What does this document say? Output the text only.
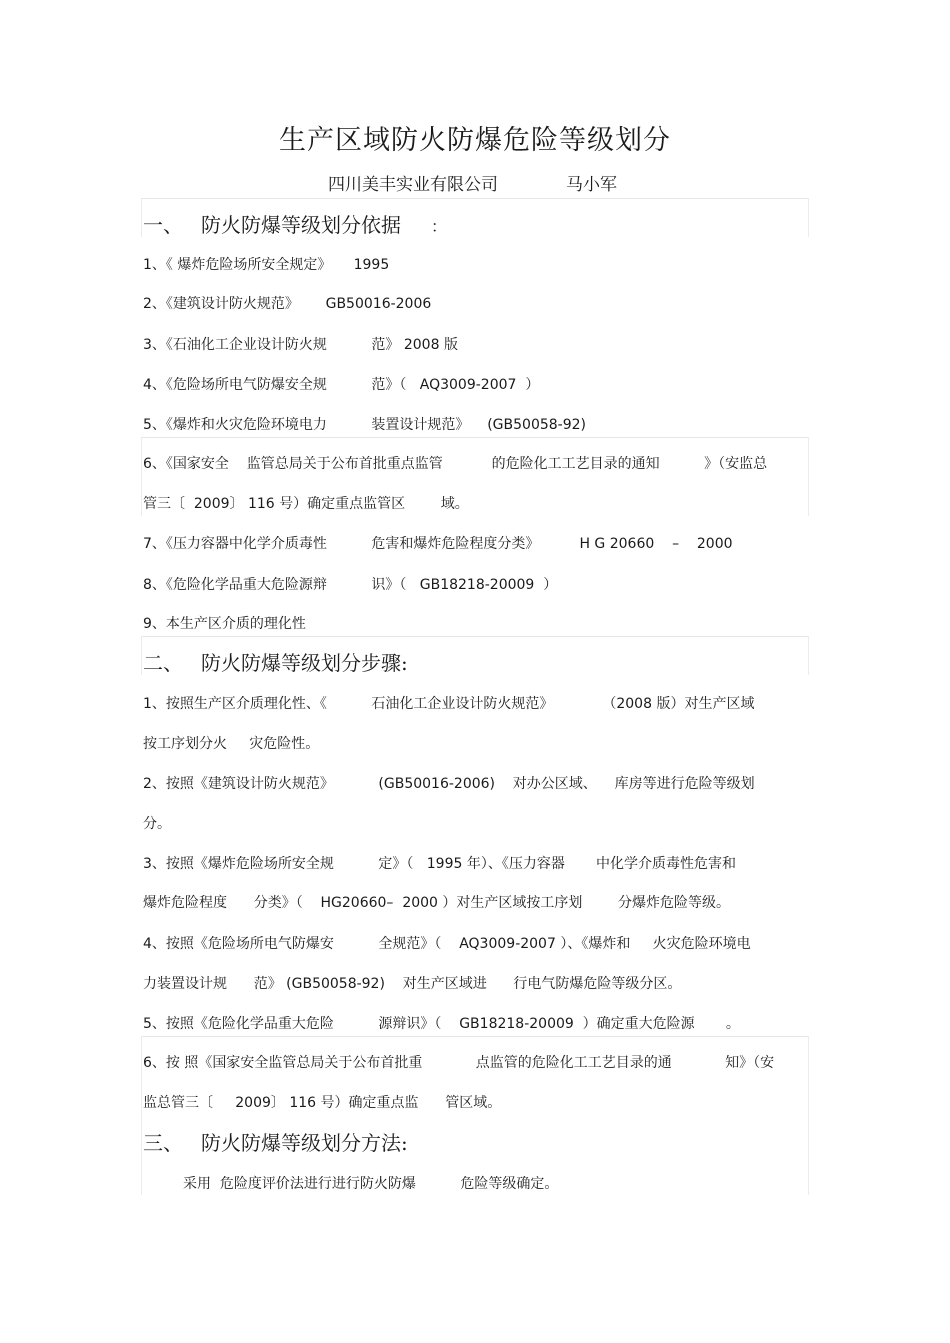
生产区域防火防爆危险等级划分
四川美丰实业有限公司	马小军
一、 防火防爆等级划分依据 ：
1、《 爆炸危险场所安全规定》     1995
2、《建筑设计防火规范》      GB50016-2006
3、《石油化工企业设计防火规          范》 2008 版
4、《危险场所电气防爆安全规          范》（   AQ3009-2007  ）
5、《爆炸和火灾危险环境电力          装置设计规范》    (GB50058-92)
6、《国家安全    监管总局关于公布首批重点监管           的危险化工工艺目录的通知          》（安监总
管三〔  2009〕 116 号）确定重点监管区        域。
7、《压力容器中化学介质毒性          危害和爆炸危险程度分类》         H G 20660    –    2000
8、《危险化学品重大危险源辩          识》（   GB18218-20009  ）
9、本生产区介质的理化性
二、 防火防爆等级划分步骤:
1、按照生产区介质理化性、《          石油化工企业设计防火规范》           （2008 版）对生产区域
按工序划分火     灾危险性。
2、按照《建筑设计防火规范》          (GB50016-2006)    对办公区域、    库房等进行危险等级划
分。
3、按照《爆炸危险场所安全规          定》（   1995 年）、《压力容器       中化学介质毒性危害和
爆炸危险程度      分类》（    HG20660–  2000 ）对生产区域按工序划        分爆炸危险等级。
4、按照《危险场所电气防爆安          全规范》（    AQ3009-2007 ）、《爆炸和     火灾危险环境电
力装置设计规      范》 (GB50058-92)    对生产区域进      行电气防爆危险等级分区。
5、按照《危险化学品重大危险          源辩识》（    GB18218-20009  ）确定重大危险源       。
6、按 照《国家安全监管总局关于公布首批重            点监管的危险化工工艺目录的通            知》（安
监总管三〔     2009〕 116 号）确定重点监      管区域。
三、 防火防爆等级划分方法:
采用  危险度评价法进行进行防火防爆          危险等级确定。
